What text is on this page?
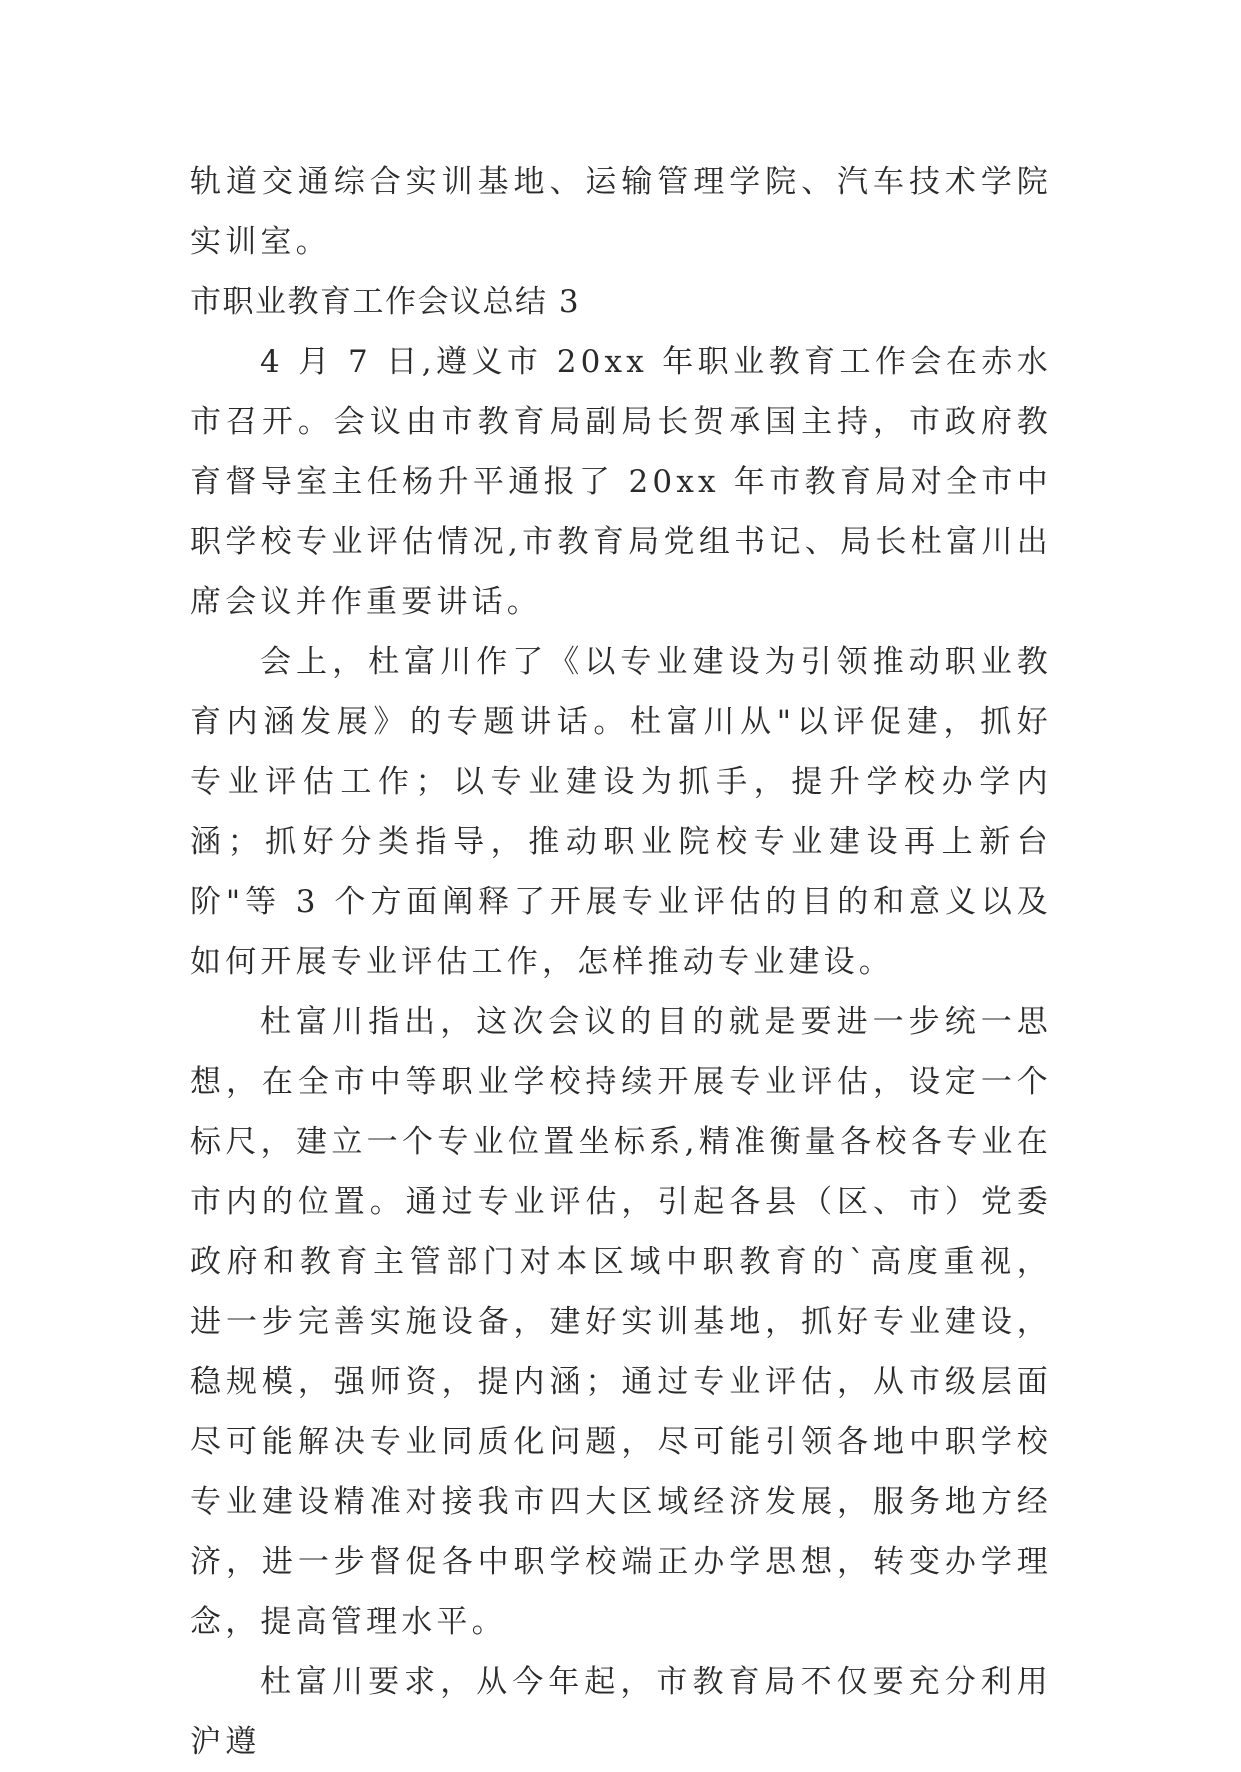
轨道交通综合实训基地、运输管理学院、汽车技术学院实训室。

市职业教育工作会议总结 3

4 月 7 日,遵义市 20xx 年职业教育工作会在赤水市召开。会议由市教育局副局长贺承国主持，市政府教育督导室主任杨升平通报了 20xx 年市教育局对全市中职学校专业评估情况,市教育局党组书记、局长杜富川出席会议并作重要讲话。

会上，杜富川作了《以专业建设为引领推动职业教育内涵发展》的专题讲话。杜富川从"以评促建，抓好专业评估工作；以专业建设为抓手，提升学校办学内涵；抓好分类指导，推动职业院校专业建设再上新台阶"等 3 个方面阐释了开展专业评估的目的和意义以及如何开展专业评估工作，怎样推动专业建设。

杜富川指出，这次会议的目的就是要进一步统一思想，在全市中等职业学校持续开展专业评估，设定一个标尺，建立一个专业位置坐标系,精准衡量各校各专业在市内的位置。通过专业评估，引起各县（区、市）党委政府和教育主管部门对本区域中职教育的`高度重视，进一步完善实施设备，建好实训基地，抓好专业建设，稳规模，强师资，提内涵；通过专业评估，从市级层面尽可能解决专业同质化问题，尽可能引领各地中职学校专业建设精准对接我市四大区域经济发展，服务地方经济，进一步督促各中职学校端正办学思想，转变办学理念，提高管理水平。

杜富川要求，从今年起，市教育局不仅要充分利用沪遵
